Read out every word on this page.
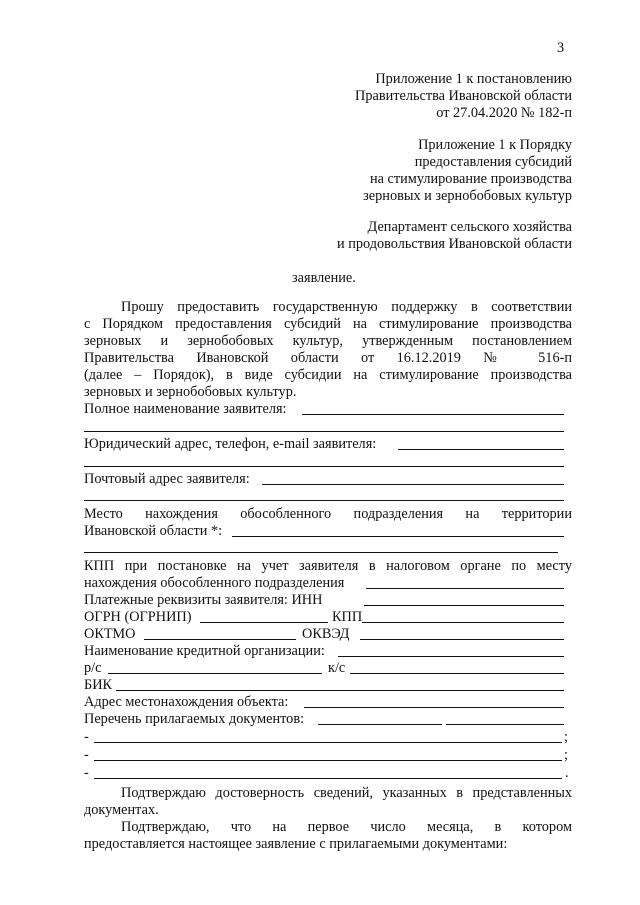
3
Приложение 1 к постановлению
Правительства Ивановской области
от 27.04.2020 № 182-п
Приложение 1 к Порядку
предоставления субсидий
на стимулирование производства
зерновых и зернобобовых культур
Департамент сельского хозяйства
и продовольствия Ивановской области
заявление.
Прошу предоставить государственную поддержку в соответствии
с Порядком предоставления субсидий на стимулирование производства
зерновых и зернобобовых культур, утвержденным постановлением
Правительства Ивановской области от 16.12.2019 № 516-п
(далее – Порядок), в виде субсидии на стимулирование производства
зерновых и зернобобовых культур.
Полное наименование заявителя:
Юридический адрес, телефон, e-mail заявителя:
Почтовый адрес заявителя:
Место нахождения обособленного подразделения на территории
Ивановской области *:
КПП при постановке на учет заявителя в налоговом органе по месту
нахождения обособленного подразделения
Платежные реквизиты заявителя: ИНН
ОГРН (ОГРНИП)	КПП
ОКТМО	ОКВЭД
Наименование кредитной организации:
р/с	к/с
БИК
Адрес местонахождения объекта:
Перечень прилагаемых документов:
-	;
-	;
-	.
Подтверждаю достоверность сведений, указанных в представленных
документах.
Подтверждаю, что на первое число месяца, в котором
предоставляется настоящее заявление с прилагаемыми документами:
